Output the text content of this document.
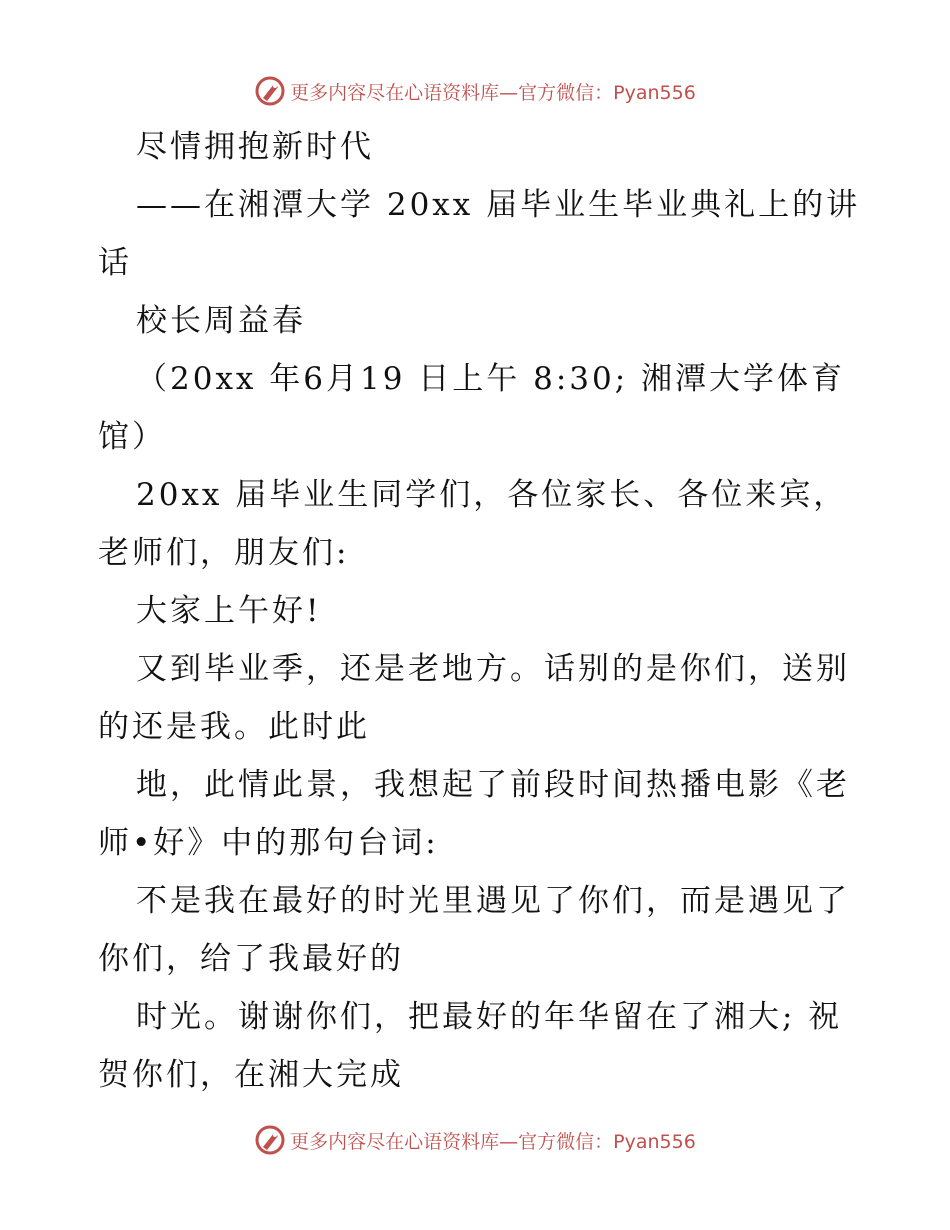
更多内容尽在心语资料库—官方微信：Pyan556
尽情拥抱新时代
——在湘潭大学 20xx 届毕业生毕业典礼上的讲
话
校长周益春
（20xx 年6月19 日上午 8:30; 湘潭大学体育
馆）
20xx 届毕业生同学们，各位家长、各位来宾，
老师们，朋友们:
大家上午好!
又到毕业季，还是老地方。话别的是你们，送别
的还是我。此时此
地，此情此景，我想起了前段时间热播电影《老
师•好》中的那句台词:
不是我在最好的时光里遇见了你们，而是遇见了
你们，给了我最好的
时光。谢谢你们，把最好的年华留在了湘大; 祝
贺你们，在湘大完成
更多内容尽在心语资料库—官方微信：Pyan556
